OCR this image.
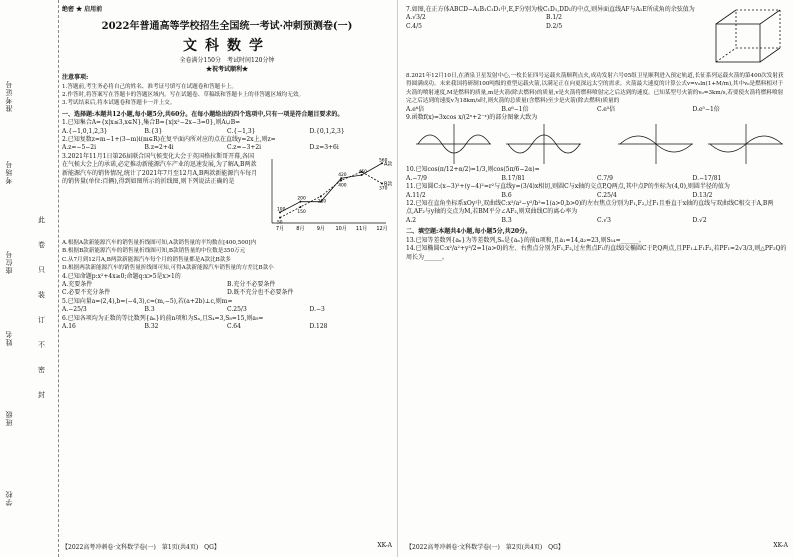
准考证号
考场号
座位号
姓名
班级
学校
此
卷
只
装
订
不
密
封

绝密 ★ 启用前

2022年普通高等学校招生全国统一考试·冲刺预测卷(一)

文科数学

全卷满分150分　考试时间120分钟

★祝考试顺利★

注意事项:

1.答题前,考生务必将自己的姓名、准考证号填写在试题卷和答题卡上。

2.作答时,将答案写在答题卡的答题区域内。写在试题卷、草稿纸和答题卡上的非答题区域均无效。

3.考试结束后,将本试题卷和答题卡一并上交。

一、选择题:本题共12小题,每小题5分,共60分。在每小题给出的四个选项中,只有一项是符合题目要求的。

1.已知集合A={x|x≤3,x∈N},集合B={x|x²−2x−3=0},则A∪B=

A.{−1,0,1,2,3}	B.{3}	C.{−1,3}	D.{0,1,2,3}

2.已知复数z=m−1+(3−m)i(m∈R)在复平面内所对应的点在直线y=2x上,则z=

A.z=−5−2i	B.z=2+4i	C.z=−3+2i	D.z=3+6i
7月 8月 9月 10月 11月 12月
A款
B款
100
200
420
450
400
560
370
50
150
250

3.2021年11月1日第26届联合国气候变化大会于英国格拉斯哥开幕,各国在气候大会上的承诺,必定推动新能源汽车产业的迅速发展,为了解A,B两款新能源汽车的销售情况,统计了2021年7月至12月A,B两款新能源汽车每月的销售量(单位:百辆),得到如图所示的折线图,则下列说法正确的是

A.根据A款新能源汽车的销售量折线图可知,A款销售量的平均数在[400,500]内

B.根据B款新能源汽车的销售量折线图可知,B款销售量的中位数是350万元

C.从7月到12月A,B两款新能源汽车每个月的销售量都是A款比B款多

D.根据两款新能源汽车的销售量折线图可知,可得A款新能源汽车销售量的方差比B款小

4.已知命题p:x²+4x≥0;命题q:x>5是x>1的

A.充要条件	B.充分不必要条件
C.必要不充分条件	D.既不充分也不必要条件

5.已知向量a=(2,4),b=(−4,3),c=(m,−5),若(a+2b)⊥c,则m=

A.−25/3	B.3	C.25/3	D.−3

6.已知各项均为正数的等比数列{aₙ}的前n项和为Sₙ,且S₄=3,S₈=15,则a₉=

A.16	B.32	C.64	D.128
【2022高考冲刺卷·文科数学卷(一)　第1页(共4页)　QG】	XK-A

7.如图,在正方体ABCD−A₁B₁C₁D₁中,E,F分别为棱C₁D₁,DD₁的中点,则异面直线AF与A₁E所成角的余弦值为

A.√3/2	B.1/2
C.4/5	D.2/5

8.2021年12月10日,在酒泉卫星发射中心,一枚长征四号运载火箭顺利点火,成功发射六号05组卫星顺利进入预定轨道,长征系列运载火箭的第400次发射获得圆满成功。未来我国将研制100吨级的重型运载火箭,以满足正在向更深远太空的需求。火箭最大速度的计算公式v=v₀ln(1+M/m),其中v₀是燃料相对于火箭的喷射速度,M是燃料的质量,m是火箭(除去燃料)的质量,v是火箭将燃料喷射完之后达到的速度。已知某型号火箭的v₀=3km/s,若要使火箭将燃料喷射完之后达到的速度v为18km/s时,则火箭的总质量(含燃料)至少是火箭(除去燃料)质量的

A.e⁶倍	B.e⁶−1倍	C.e⁵倍	D.e⁵−1倍

9.函数f(x)=3xcos x/(2ˣ+2⁻ˣ)的部分图象大致为

10.已知cos(π/12+α/2)=1/3,则cos(5π/6−2α)=

A.−7/9	B.17/81	C.7/9	D.−17/81

11.已知圆C:(x−3)²+(y−4)²=r²与直线y=(3/4)x相切,则圆C与x轴的交点P,Q两点,其中点P的坐标为(4,0),则圆半径的值为

A.11/2	B.6	C.25/4	D.13/2

12.已知在直角坐标系xOy中,双曲线C:x²/a²−y²/b²=1(a>0,b>0)的左右焦点分别为F₁,F₂,过F₁且垂直于x轴的直线与双曲线C相交于A,B两点,AF₂与y轴的交点为M,若BM平分∠AF₂,则双曲线C的离心率为

A.2	B.3	C.√3	D.√2

二、填空题:本题共4小题,每小题5分,共20分。

13.已知等差数列{aₙ}为等差数列,Sₙ是{aₙ}的前n项和,且a₁=14,a₂=23,则S₁₄=______。

14.已知椭圆C:x²/a²+y²/2=1(a>0)的左、右焦点分别为F₁,F₂,过左焦点F₁的直线l交椭圆C于P,Q两点,且PF₁⊥F₁F₂,若PF₁=2√3/3,则△PF₂Q的周长为______。

【2022高考冲刺卷·文科数学卷(一)　第2页(共4页)　QG】	XK-A
